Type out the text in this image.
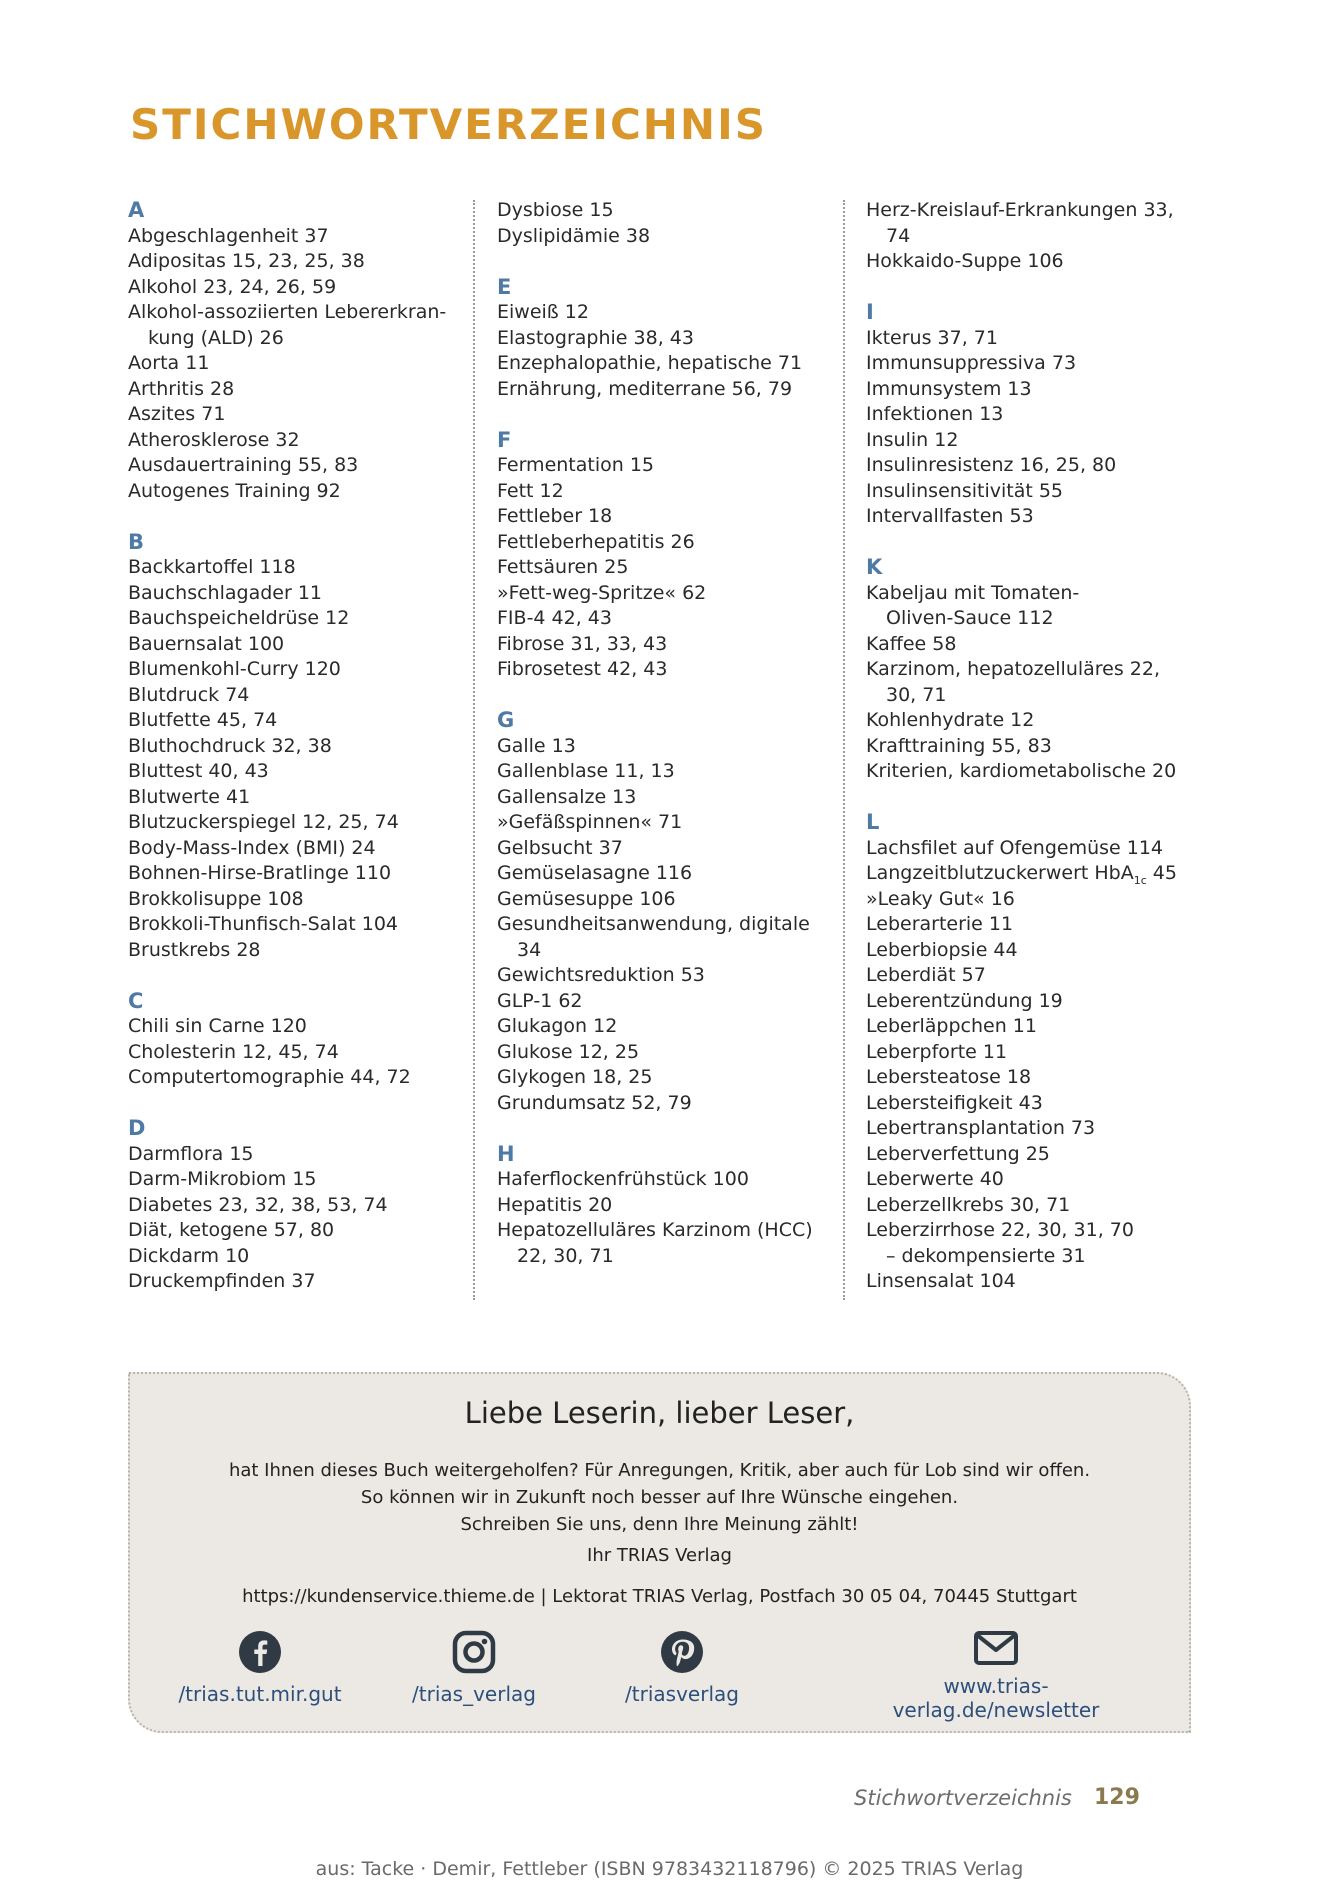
STICHWORTVERZEICHNIS
A
Abgeschlagenheit 37
Adipositas 15, 23, 25, 38
Alkohol 23, 24, 26, 59
Alkohol-assoziierten Lebererkran-
kung (ALD) 26
Aorta 11
Arthritis 28
Aszites 71
Atherosklerose 32
Ausdauertraining 55, 83
Autogenes Training 92
B
Backkartoffel 118
Bauchschlagader 11
Bauchspeicheldrüse 12
Bauernsalat 100
Blumenkohl-Curry 120
Blutdruck 74
Blutfette 45, 74
Bluthochdruck 32, 38
Bluttest 40, 43
Blutwerte 41
Blutzuckerspiegel 12, 25, 74
Body-Mass-Index (BMI) 24
Bohnen-Hirse-Bratlinge 110
Brokkolisuppe 108
Brokkoli-Thunfisch-Salat 104
Brustkrebs 28
C
Chili sin Carne 120
Cholesterin 12, 45, 74
Computertomographie 44, 72
D
Darmflora 15
Darm-Mikrobiom 15
Diabetes 23, 32, 38, 53, 74
Diät, ketogene 57, 80
Dickdarm 10
Druckempfinden 37
Dysbiose 15
Dyslipidämie 38
E
Eiweiß 12
Elastographie 38, 43
Enzephalopathie, hepatische 71
Ernährung, mediterrane 56, 79
F
Fermentation 15
Fett 12
Fettleber 18
Fettleberhepatitis 26
Fettsäuren 25
»Fett-weg-Spritze« 62
FIB-4 42, 43
Fibrose 31, 33, 43
Fibrosetest 42, 43
G
Galle 13
Gallenblase 11, 13
Gallensalze 13
»Gefäßspinnen« 71
Gelbsucht 37
Gemüselasagne 116
Gemüsesuppe 106
Gesundheitsanwendung, digitale
34
Gewichtsreduktion 53
GLP-1 62
Glukagon 12
Glukose 12, 25
Glykogen 18, 25
Grundumsatz 52, 79
H
Haferflockenfrühstück 100
Hepatitis 20
Hepatozelluläres Karzinom (HCC)
22, 30, 71
Herz-Kreislauf-Erkrankungen 33,
74
Hokkaido-Suppe 106
I
Ikterus 37, 71
Immunsuppressiva 73
Immunsystem 13
Infektionen 13
Insulin 12
Insulinresistenz 16, 25, 80
Insulinsensitivität 55
Intervallfasten 53
K
Kabeljau mit Tomaten-
Oliven-Sauce 112
Kaffee 58
Karzinom, hepatozelluläres 22,
30, 71
Kohlenhydrate 12
Krafttraining 55, 83
Kriterien, kardiometabolische 20
L
Lachsfilet auf Ofengemüse 114
Langzeitblutzuckerwert HbA$_{1c}$ 45
»Leaky Gut« 16
Leberarterie 11
Leberbiopsie 44
Leberdiät 57
Leberentzündung 19
Leberläppchen 11
Leberpforte 11
Lebersteatose 18
Lebersteifigkeit 43
Lebertransplantation 73
Leberverfettung 25
Leberwerte 40
Leberzellkrebs 30, 71
Leberzirrhose 22, 30, 31, 70
– dekompensierte 31
Linsensalat 104
Liebe Leserin, lieber Leser,
hat Ihnen dieses Buch weitergeholfen? Für Anregungen, Kritik, aber auch für Lob sind wir offen.
So können wir in Zukunft noch besser auf Ihre Wünsche eingehen.
Schreiben Sie uns, denn Ihre Meinung zählt!
Ihr TRIAS Verlag
https://kundenservice.thieme.de | Lektorat TRIAS Verlag, Postfach 30 05 04, 70445 Stuttgart
/trias.tut.mir.gut	/trias_verlag	/triasverlag	www.trias-verlag.de/newsletter
Stichwortverzeichnis 129
aus: Tacke · Demir, Fettleber (ISBN 9783432118796) © 2025 TRIAS Verlag
